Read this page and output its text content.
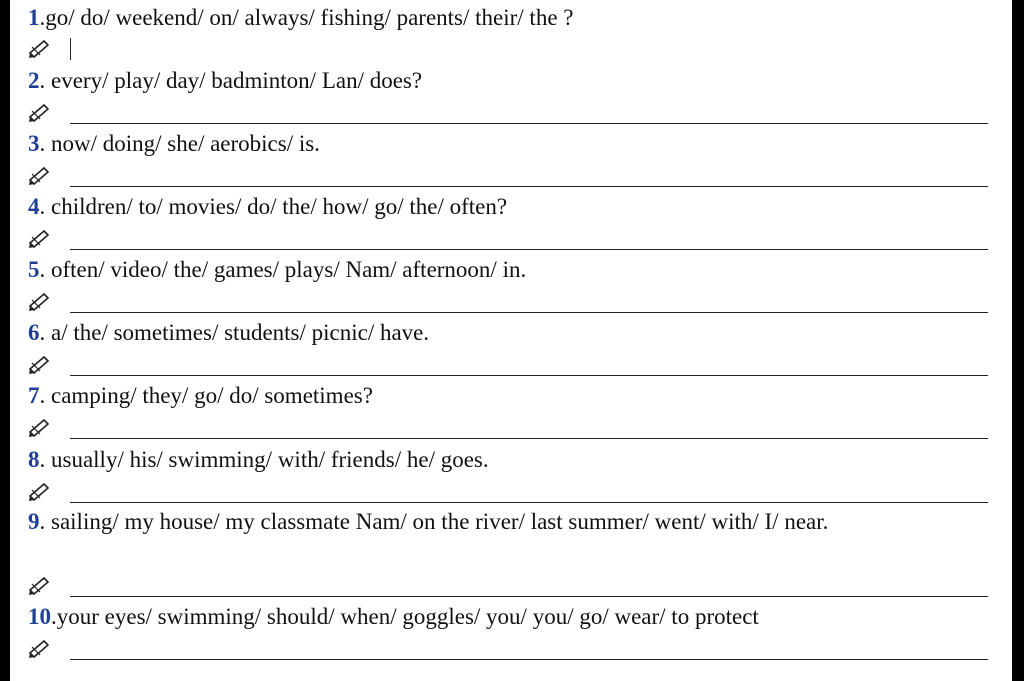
1.go/ do/ weekend/ on/ always/ fishing/ parents/ their/ the ?
2. every/ play/ day/ badminton/ Lan/ does?
3. now/ doing/ she/ aerobics/ is.
4. children/ to/ movies/ do/ the/ how/ go/ the/ often?
5. often/ video/ the/ games/ plays/ Nam/ afternoon/ in.
6. a/ the/ sometimes/ students/ picnic/ have.
7. camping/ they/ go/ do/ sometimes?
8. usually/ his/ swimming/ with/ friends/ he/ goes.
9. sailing/ my house/ my classmate Nam/ on the river/ last summer/ went/ with/ I/ near.
10.your eyes/ swimming/ should/ when/ goggles/ you/ you/ go/ wear/ to protect
